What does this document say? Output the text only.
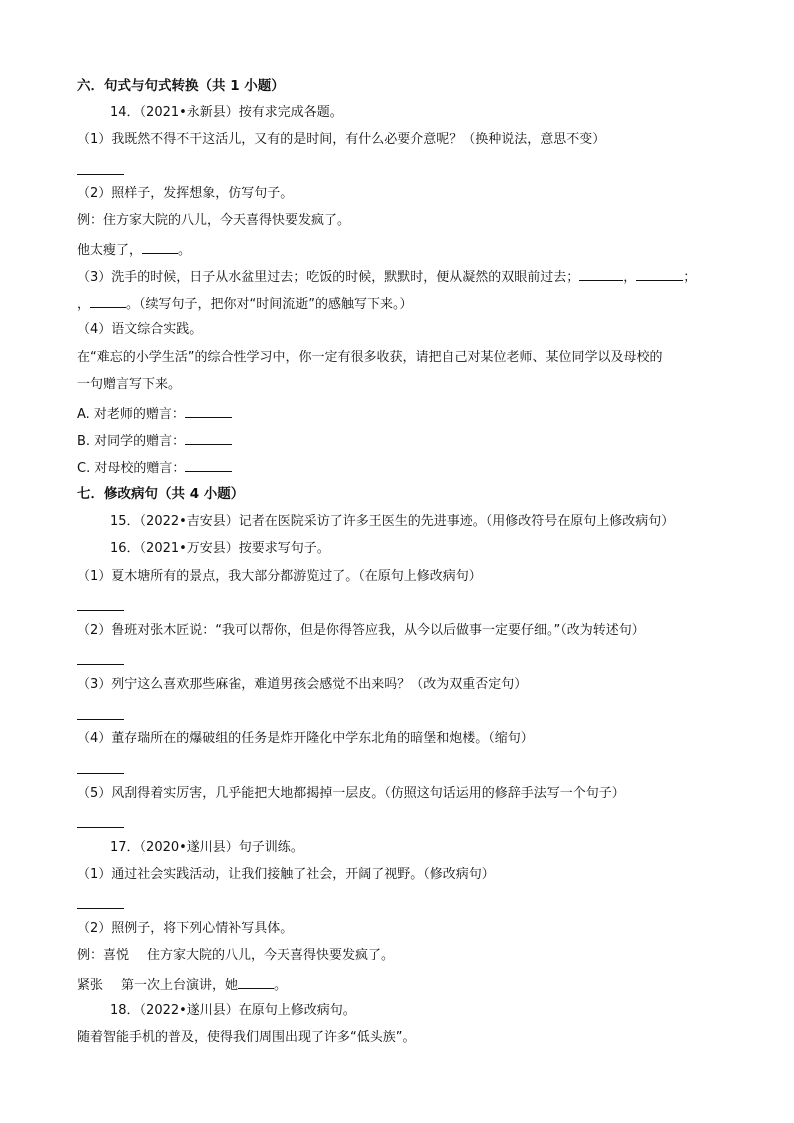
六．句式与句式转换（共 1 小题）
14．（2021•永新县）按有求完成各题。
（1）我既然不得不干这活儿，又有的是时间，有什么必要介意呢？（换种说法，意思不变）
（2）照样子，发挥想象，仿写句子。
例：住方家大院的八儿，今天喜得快要发疯了。
他太瘦了，	。
（3）洗手的时候，日子从水盆里过去；吃饭的时候，默默时，便从凝然的双眼前过去；	，	；
，	。（续写句子，把你对“时间流逝”的感触写下来。）
（4）语文综合实践。
在“难忘的小学生活”的综合性学习中，你一定有很多收获，请把自己对某位老师、某位同学以及母校的
一句赠言写下来。
A. 对老师的赠言：
B. 对同学的赠言：
C. 对母校的赠言：
七．修改病句（共 4 小题）
15．（2022•吉安县）记者在医院采访了许多王医生的先进事迹。（用修改符号在原句上修改病句）
16．（2021•万安县）按要求写句子。
（1）夏木塘所有的景点，我大部分都游览过了。（在原句上修改病句）
（2）鲁班对张木匠说：“我可以帮你，但是你得答应我，从今以后做事一定要仔细。”（改为转述句）
（3）列宁这么喜欢那些麻雀，难道男孩会感觉不出来吗？（改为双重否定句）
（4）董存瑞所在的爆破组的任务是炸开隆化中学东北角的暗堡和炮楼。（缩句）
（5）风刮得着实厉害，几乎能把大地都揭掉一层皮。（仿照这句话运用的修辞手法写一个句子）
17．（2020•遂川县）句子训练。
（1）通过社会实践活动，让我们接触了社会，开阔了视野。（修改病句）
（2）照例子，将下列心情补写具体。
例：喜悦 住方家大院的八儿，今天喜得快要发疯了。
紧张 第一次上台演讲，她	。
18．（2022•遂川县）在原句上修改病句。
随着智能手机的普及，使得我们周围出现了许多“低头族”。
